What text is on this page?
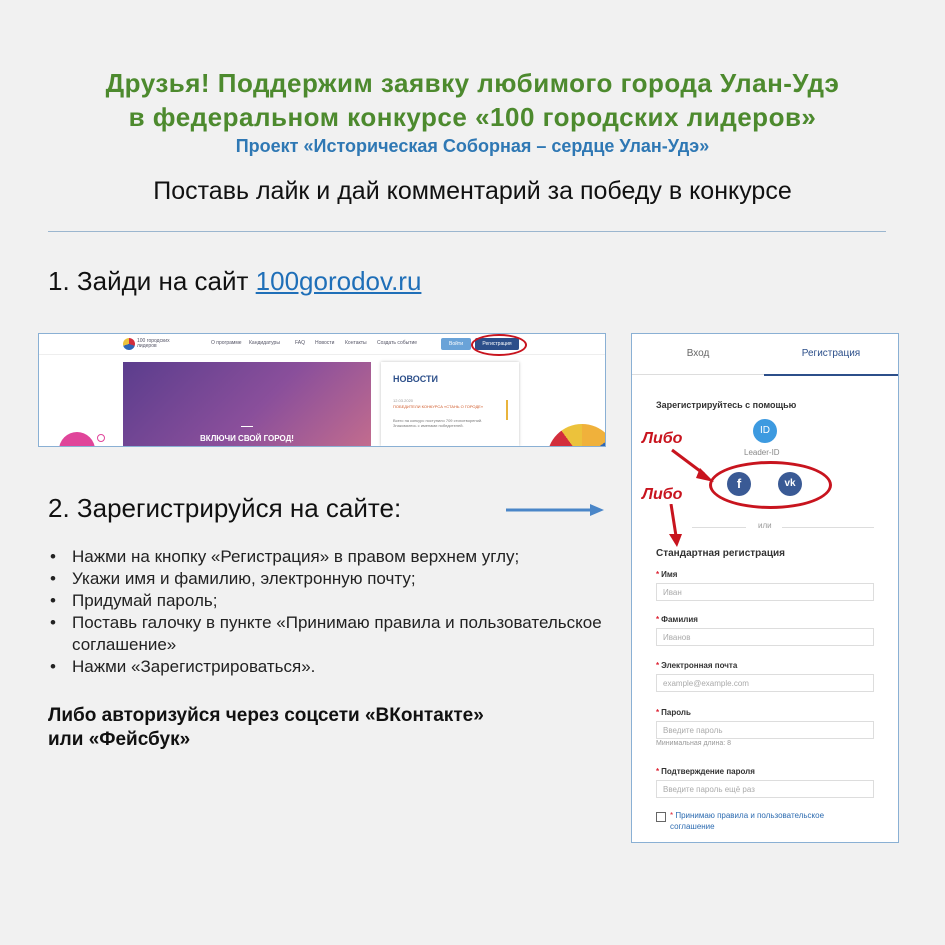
Друзья! Поддержим заявку любимого города Улан-Удэ
в федеральном конкурсе «100 городских лидеров»
Проект «Историческая Соборная – сердце Улан-Удэ»
Поставь лайк и дай комментарий за победу в конкурсе
1. Зайди на сайт 100gorodov.ru
100 городских
лидеров	О программе Кандидатуры	FAQ Новости Контакты Создать событие	Войти	Регистрация
ВКЛЮЧИ СВОЙ ГОРОД!
НОВОСТИ
12.03.2020
ПОБЕДИТЕЛИ КОНКУРСА «СТАНЬ О ГОРОДЕ»
Всего на конкурс поступило 709 стихотворений. Знакомьтесь с именами победителей.
2. Зарегистрируйся на сайте:
• Нажми на кнопку «Регистрация» в правом верхнем углу;
• Укажи имя и фамилию, электронную почту;
• Придумай пароль;
• Поставь галочку в пункте «Принимаю правила и пользовательское соглашение»
• Нажми «Зарегистрироваться».
Либо авторизуйся через соцсети «ВКонтакте»
или «Фейсбук»
Вход	Регистрация
Зарегистрируйтесь с помощью
ID
Leader-ID
Либо
f	vk
Либо
или
Стандартная регистрация
* Имя
Иван
* Фамилия
Иванов
* Электронная почта
example@example.com
* Пароль
Введите пароль
Минимальная длина: 8
* Подтверждение пароля
Введите пароль ещё раз
* Принимаю правила и пользовательское соглашение
